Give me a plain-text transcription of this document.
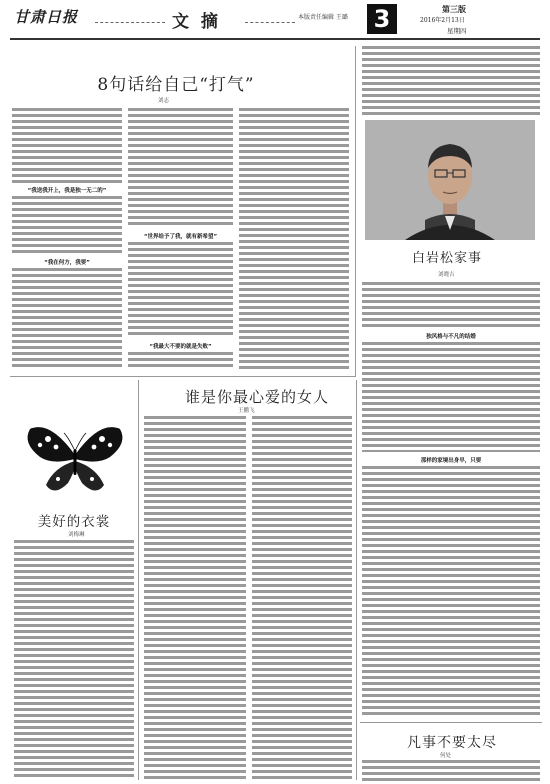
甘肃日报	文 摘	本版责任编辑 王璐 3	第三版
2016年2月13日
星期四
8句话给自己“打气”
刘志
“我送我开上，我是独一无二的”
“我在何方，我要”
“世界给予了我，就有新希望”
“我最大不要的就是失败”
白岩松家事
刘晓吉
独风格与不凡的结婚
那样的家境出身早，只要
凡事不要太尽
何处
谁是你最心爱的女人
王鹏飞
美好的衣裳
刘梅琳
